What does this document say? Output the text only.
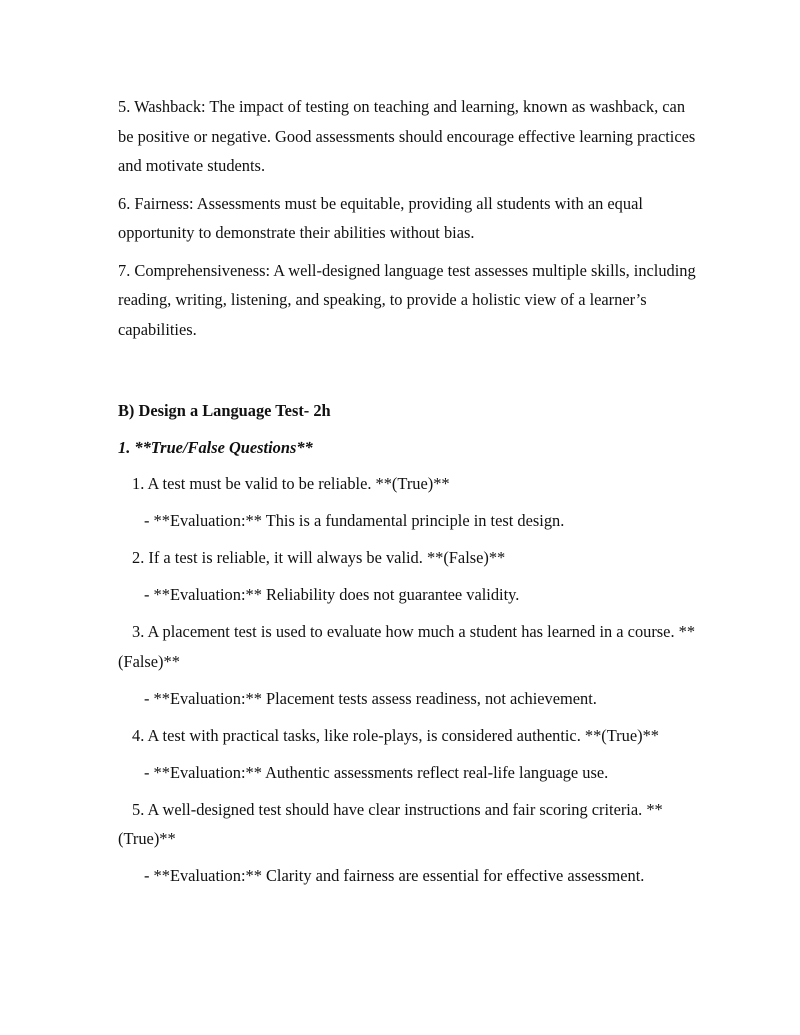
5. Washback: The impact of testing on teaching and learning, known as washback, can be positive or negative. Good assessments should encourage effective learning practices and motivate students.

6. Fairness: Assessments must be equitable, providing all students with an equal opportunity to demonstrate their abilities without bias.

7. Comprehensiveness: A well-designed language test assesses multiple skills, including reading, writing, listening, and speaking, to provide a holistic view of a learner’s capabilities.

B) Design a Language Test- 2h

1. **True/False Questions**

1. A test must be valid to be reliable. **(True)**

- **Evaluation:** This is a fundamental principle in test design.

2. If a test is reliable, it will always be valid. **(False)**

- **Evaluation:** Reliability does not guarantee validity.

3. A placement test is used to evaluate how much a student has learned in a course. **(False)**

- **Evaluation:** Placement tests assess readiness, not achievement.

4. A test with practical tasks, like role-plays, is considered authentic. **(True)**

- **Evaluation:** Authentic assessments reflect real-life language use.

5. A well-designed test should have clear instructions and fair scoring criteria. **(True)**

- **Evaluation:** Clarity and fairness are essential for effective assessment.
